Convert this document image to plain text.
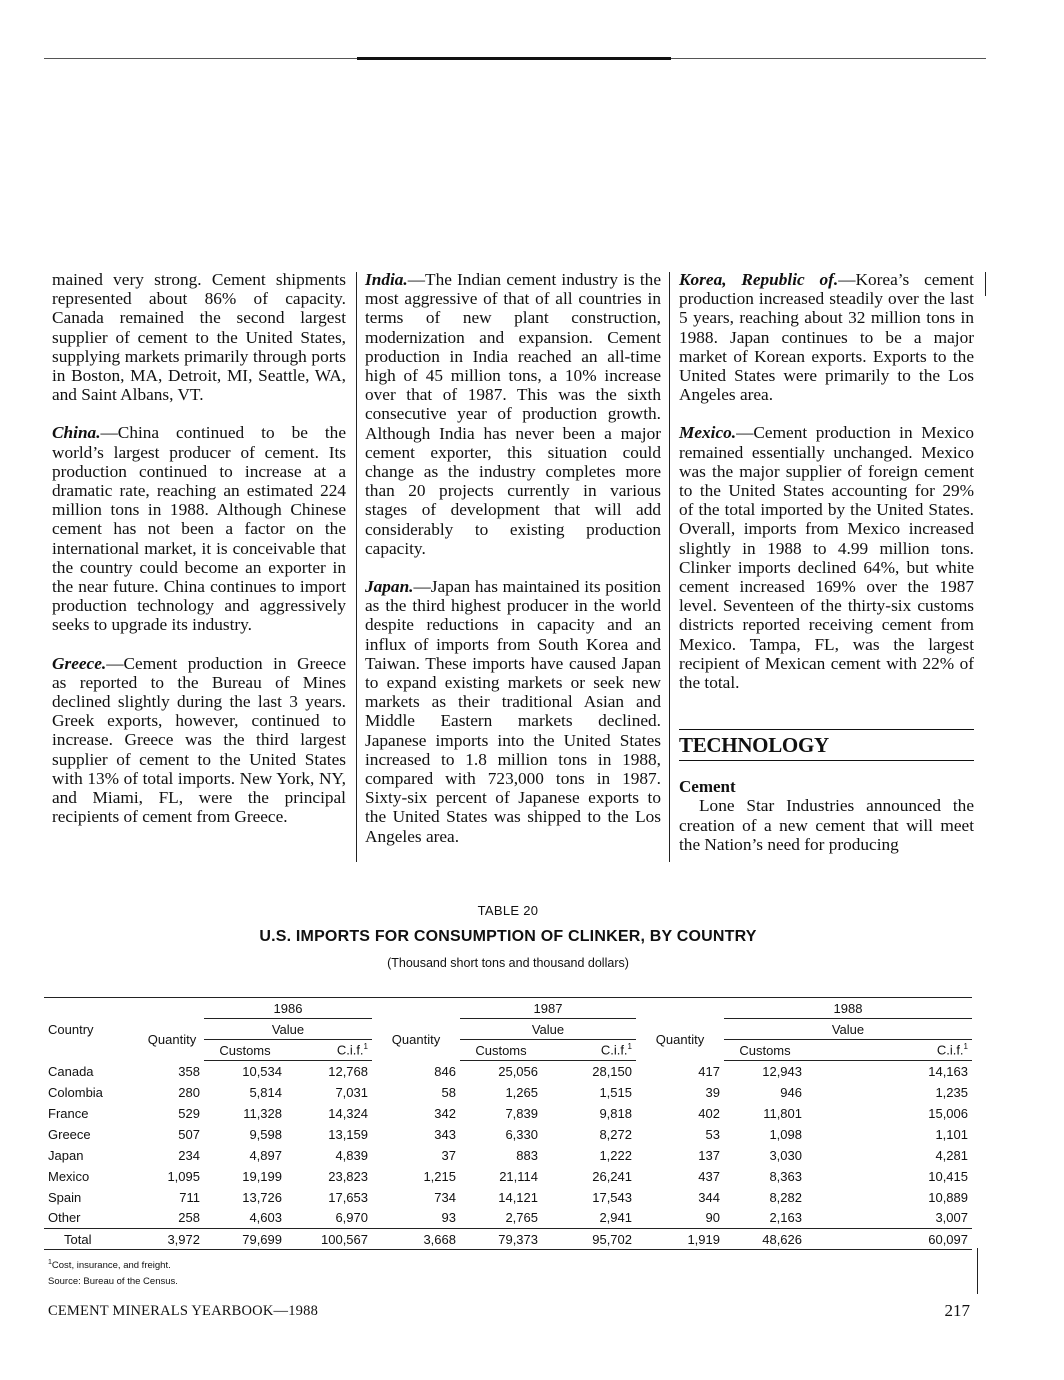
mained very strong. Cement shipments represented about 86% of capacity. Canada remained the second largest supplier of cement to the United States, supplying markets primarily through ports in Boston, MA, Detroit, MI, Seattle, WA, and Saint Albans, VT.

China.—China continued to be the world’s largest producer of cement. Its production continued to increase at a dramatic rate, reaching an estimated 224 million tons in 1988. Although Chinese cement has not been a factor on the international market, it is conceivable that the country could become an exporter in the near future. China continues to import production technology and aggressively seeks to upgrade its industry.

Greece.—Cement production in Greece as reported to the Bureau of Mines declined slightly during the last 3 years. Greek exports, however, continued to increase. Greece was the third largest supplier of cement to the United States with 13% of total imports. New York, NY, and Miami, FL, were the principal recipients of cement from Greece.

India.—The Indian cement industry is the most aggressive of that of all countries in terms of new plant construction, modernization and expansion. Cement production in India reached an all-time high of 45 million tons, a 10% increase over that of 1987. This was the sixth consecutive year of production growth. Although India has never been a major cement exporter, this situation could change as the industry completes more than 20 projects currently in various stages of development that will add considerably to existing production capacity.

Japan.—Japan has maintained its position as the third highest producer in the world despite reductions in capacity and an influx of imports from South Korea and Taiwan. These imports have caused Japan to expand existing markets or seek new markets as their traditional Asian and Middle Eastern markets declined. Japanese imports into the United States increased to 1.8 million tons in 1988, compared with 723,000 tons in 1987. Sixty-six percent of Japanese exports to the United States was shipped to the Los Angeles area.

Korea, Republic of.—Korea’s cement production increased steadily over the last 5 years, reaching about 32 million tons in 1988. Japan continues to be a major market of Korean exports. Exports to the United States were primarily to the Los Angeles area.

Mexico.—Cement production in Mexico remained essentially unchanged. Mexico was the major supplier of foreign cement to the United States accounting for 29% of the total imported by the United States. Overall, imports from Mexico increased slightly in 1988 to 4.99 million tons. Clinker imports declined 64%, but white cement increased 169% over the 1987 level. Seventeen of the thirty-six customs districts reported receiving cement from Mexico. Tampa, FL, was the largest recipient of Mexican cement with 22% of the total.

TECHNOLOGY
Cement

Lone Star Industries announced the creation of a new cement that will meet the Nation’s need for producing

TABLE 20
U.S. IMPORTS FOR CONSUMPTION OF CLINKER, BY COUNTRY
(Thousand short tons and thousand dollars)
Country		1986			1987			1988	
	Quantity	Value		Quantity	Value		Quantity	Value	
		Customs	C.i.f.$^1$		Customs	C.i.f.$^1$		Customs	C.i.f.$^1$
Canada	358	10,534	12,768	846	25,056	28,150	417	12,943	14,163
Colombia	280	5,814	7,031	58	1,265	1,515	39	946	1,235
France	529	11,328	14,324	342	7,839	9,818	402	11,801	15,006
Greece	507	9,598	13,159	343	6,330	8,272	53	1,098	1,101
Japan	234	4,897	4,839	37	883	1,222	137	3,030	4,281
Mexico	1,095	19,199	23,823	1,215	21,114	26,241	437	8,363	10,415
Spain	711	13,726	17,653	734	14,121	17,543	344	8,282	10,889
Other	258	4,603	6,970	93	2,765	2,941	90	2,163	3,007
Total	3,972	79,699	100,567	3,668	79,373	95,702	1,919	48,626	60,097
$^1$Cost, insurance, and freight.
Source: Bureau of the Census.
CEMENT MINERALS YEARBOOK—1988	217
